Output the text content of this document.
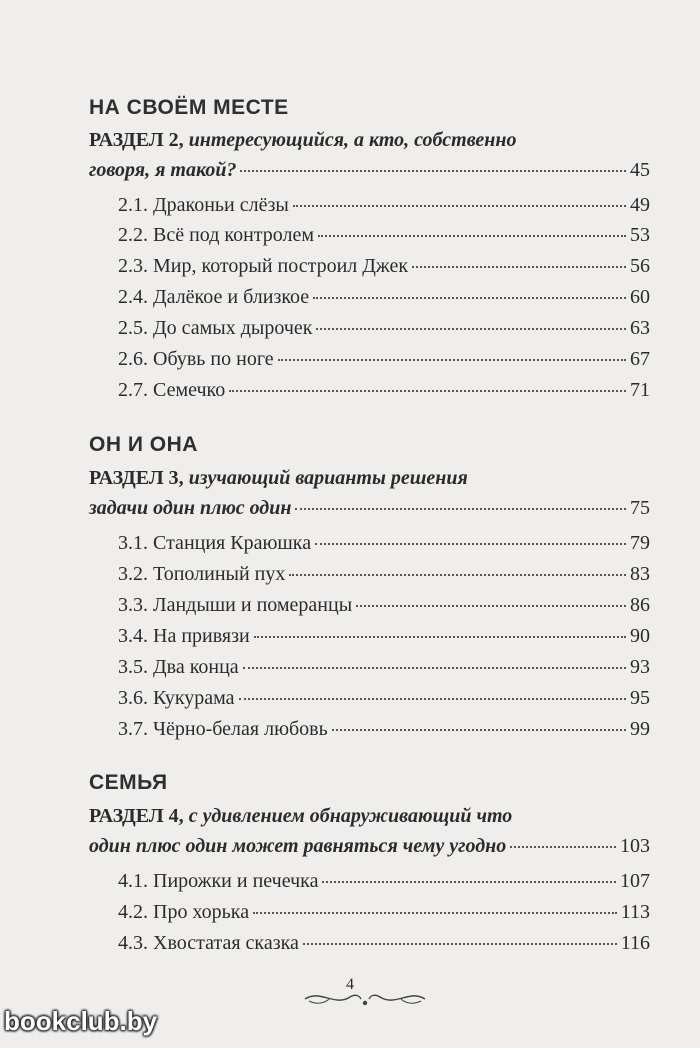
НА СВОЁМ МЕСТЕ
РАЗДЕЛ 2, интересующийся, а кто, собственно
говоря, я такой?	45
2.1. Драконьи слёзы	49
2.2. Всё под контролем	53
2.3. Мир, который построил Джек	56
2.4. Далёкое и близкое	60
2.5. До самых дырочек	63
2.6. Обувь по ноге	67
2.7. Семечко	71
ОН И ОНА
РАЗДЕЛ 3, изучающий варианты решения
задачи один плюс один	75
3.1. Станция Краюшка	79
3.2. Тополиный пух	83
3.3. Ландыши и померанцы	86
3.4. На привязи	90
3.5. Два конца	93
3.6. Кукурама	95
3.7. Чёрно-белая любовь	99
СЕМЬЯ
РАЗДЕЛ 4, с удивлением обнаруживающий что
один плюс один может равняться чему угодно	103
4.1. Пирожки и печечка	107
4.2. Про хорька	113
4.3. Хвостатая сказка	116
4
bookclub.by
